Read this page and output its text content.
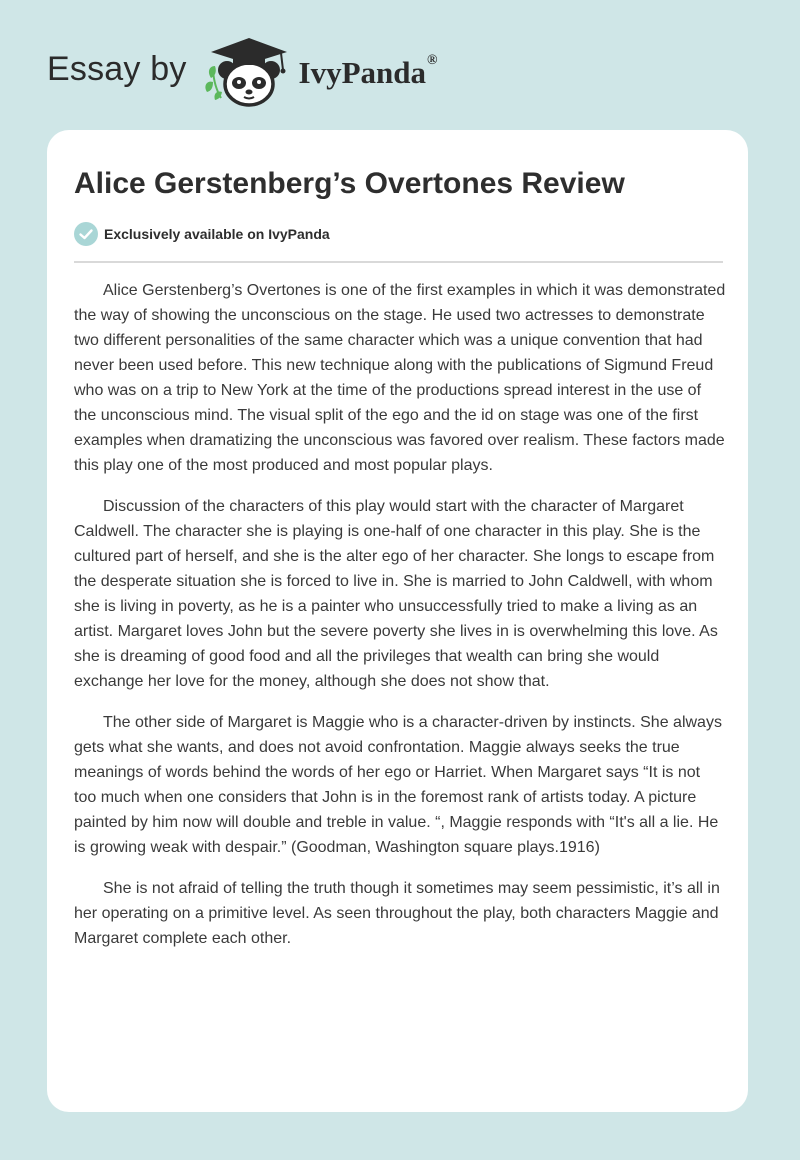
Essay by	IvyPanda®
Alice Gerstenberg’s Overtones Review
Exclusively available on IvyPanda

Alice Gerstenberg’s Overtones is one of the first examples in which it was demonstrated the way of showing the unconscious on the stage. He used two actresses to demonstrate two different personalities of the same character which was a unique convention that had never been used before. This new technique along with the publications of Sigmund Freud who was on a trip to New York at the time of the productions spread interest in the use of the unconscious mind. The visual split of the ego and the id on stage was one of the first examples when dramatizing the unconscious was favored over realism. These factors made this play one of the most produced and most popular plays.

Discussion of the characters of this play would start with the character of Margaret Caldwell. The character she is playing is one-half of one character in this play. She is the cultured part of herself, and she is the alter ego of her character. She longs to escape from the desperate situation she is forced to live in. She is married to John Caldwell, with whom she is living in poverty, as he is a painter who unsuccessfully tried to make a living as an artist. Margaret loves John but the severe poverty she lives in is overwhelming this love. As she is dreaming of good food and all the privileges that wealth can bring she would exchange her love for the money, although she does not show that.

The other side of Margaret is Maggie who is a character-driven by instincts. She always gets what she wants, and does not avoid confrontation. Maggie always seeks the true meanings of words behind the words of her ego or Harriet. When Margaret says “It is not too much when one considers that John is in the foremost rank of artists today. A picture painted by him now will double and treble in value. “, Maggie responds with “It's all a lie. He is growing weak with despair.” (Goodman, Washington square plays.1916)

She is not afraid of telling the truth though it sometimes may seem pessimistic, it’s all in her operating on a primitive level. As seen throughout the play, both characters Maggie and Margaret complete each other.
